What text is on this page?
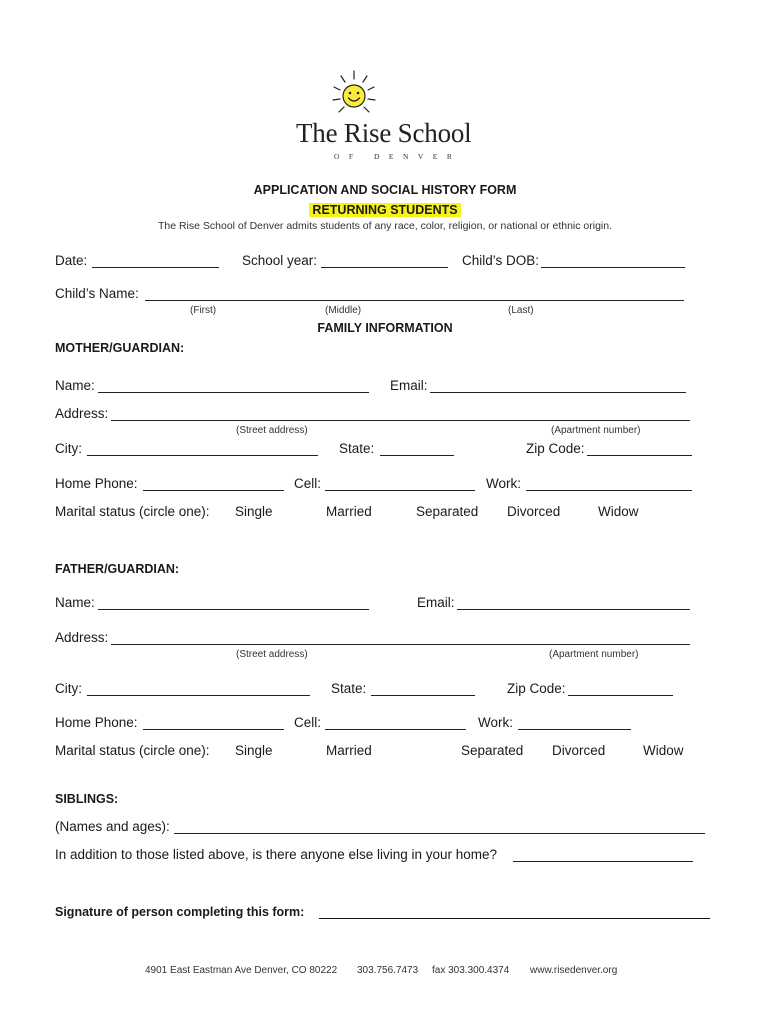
The Rise School
OF DENVER
APPLICATION AND SOCIAL HISTORY FORM
RETURNING STUDENTS
The Rise School of Denver admits students of any race, color, religion, or national or ethnic origin.
Date:	School year:	Child’s DOB:
Child’s Name:
(First)	(Middle)	(Last)
FAMILY INFORMATION
MOTHER/GUARDIAN:
Name:	Email:
Address:
(Street address)	(Apartment number)
City:	State:	Zip Code:
Home Phone:	Cell:	Work:
Marital status (circle one): Single	Married	Separated Divorced	Widow
FATHER/GUARDIAN:
Name:	Email:
Address:
(Street address)	(Apartment number)
City:	State:	Zip Code:
Home Phone:	Cell:	Work:
Marital status (circle one): Single	Married	Separated Divorced	Widow
SIBLINGS:
(Names and ages):
In addition to those listed above, is there anyone else living in your home?
Signature of person completing this form:
4901 East Eastman Ave Denver, CO 80222 303.756.7473 fax 303.300.4374 www.risedenver.org
